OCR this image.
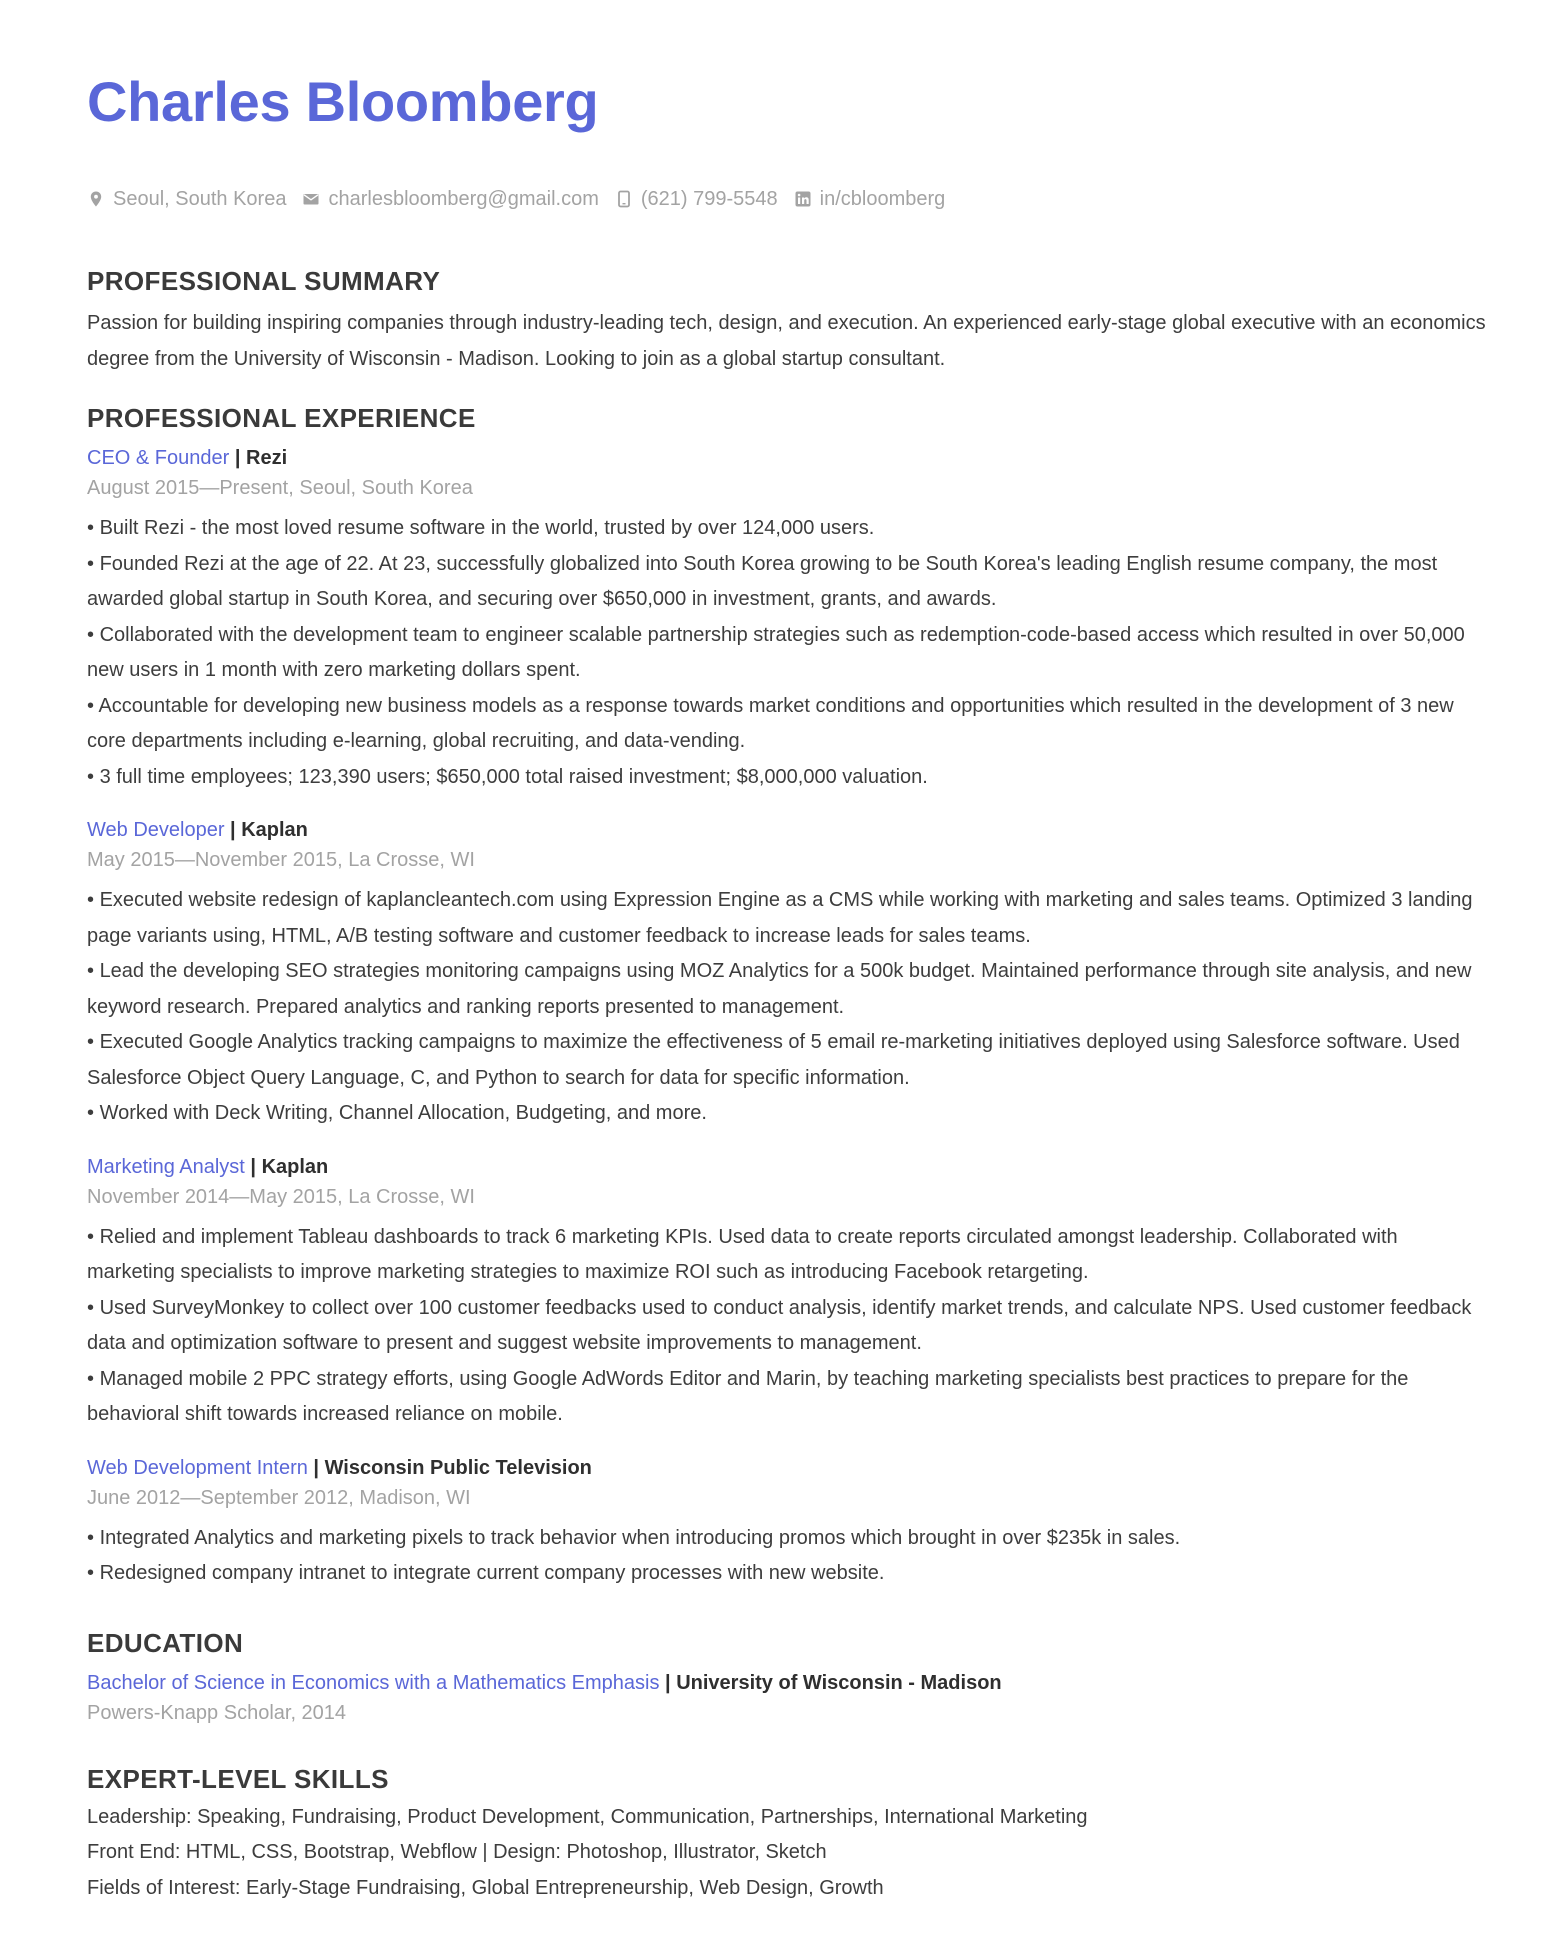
Charles Bloomberg
Seoul, South Korea charlesbloomberg@gmail.com (621) 799-5548 in/cbloomberg
PROFESSIONAL SUMMARY

Passion for building inspiring companies through industry-leading tech, design, and execution. An experienced early-stage global executive with an economics degree from the University of Wisconsin - Madison. Looking to join as a global startup consultant.

PROFESSIONAL EXPERIENCE
CEO & Founder | Rezi
August 2015—Present, Seoul, South Korea
• Built Rezi - the most loved resume software in the world, trusted by over 124,000 users.
• Founded Rezi at the age of 22. At 23, successfully globalized into South Korea growing to be South Korea's leading English resume company, the most awarded global startup in South Korea, and securing over $650,000 in investment, grants, and awards.
• Collaborated with the development team to engineer scalable partnership strategies such as redemption-code-based access which resulted in over 50,000 new users in 1 month with zero marketing dollars spent.
• Accountable for developing new business models as a response towards market conditions and opportunities which resulted in the development of 3 new core departments including e-learning, global recruiting, and data-vending.
• 3 full time employees; 123,390 users; $650,000 total raised investment; $8,000,000 valuation.
Web Developer | Kaplan
May 2015—November 2015, La Crosse, WI
• Executed website redesign of kaplancleantech.com using Expression Engine as a CMS while working with marketing and sales teams. Optimized 3 landing page variants using, HTML, A/B testing software and customer feedback to increase leads for sales teams.
• Lead the developing SEO strategies monitoring campaigns using MOZ Analytics for a 500k budget. Maintained performance through site analysis, and new keyword research. Prepared analytics and ranking reports presented to management.
• Executed Google Analytics tracking campaigns to maximize the effectiveness of 5 email re-marketing initiatives deployed using Salesforce software. Used Salesforce Object Query Language, C, and Python to search for data for specific information.
• Worked with Deck Writing, Channel Allocation, Budgeting, and more.
Marketing Analyst | Kaplan
November 2014—May 2015, La Crosse, WI
• Relied and implement Tableau dashboards to track 6 marketing KPIs. Used data to create reports circulated amongst leadership. Collaborated with marketing specialists to improve marketing strategies to maximize ROI such as introducing Facebook retargeting.
• Used SurveyMonkey to collect over 100 customer feedbacks used to conduct analysis, identify market trends, and calculate NPS. Used customer feedback data and optimization software to present and suggest website improvements to management.
• Managed mobile 2 PPC strategy efforts, using Google AdWords Editor and Marin, by teaching marketing specialists best practices to prepare for the behavioral shift towards increased reliance on mobile.
Web Development Intern | Wisconsin Public Television
June 2012—September 2012, Madison, WI
• Integrated Analytics and marketing pixels to track behavior when introducing promos which brought in over $235k in sales.
• Redesigned company intranet to integrate current company processes with new website.
EDUCATION
Bachelor of Science in Economics with a Mathematics Emphasis | University of Wisconsin - Madison
Powers-Knapp Scholar, 2014
EXPERT-LEVEL SKILLS
Leadership: Speaking, Fundraising, Product Development, Communication, Partnerships, International Marketing
Front End: HTML, CSS, Bootstrap, Webflow | Design: Photoshop, Illustrator, Sketch
Fields of Interest: Early-Stage Fundraising, Global Entrepreneurship, Web Design, Growth
